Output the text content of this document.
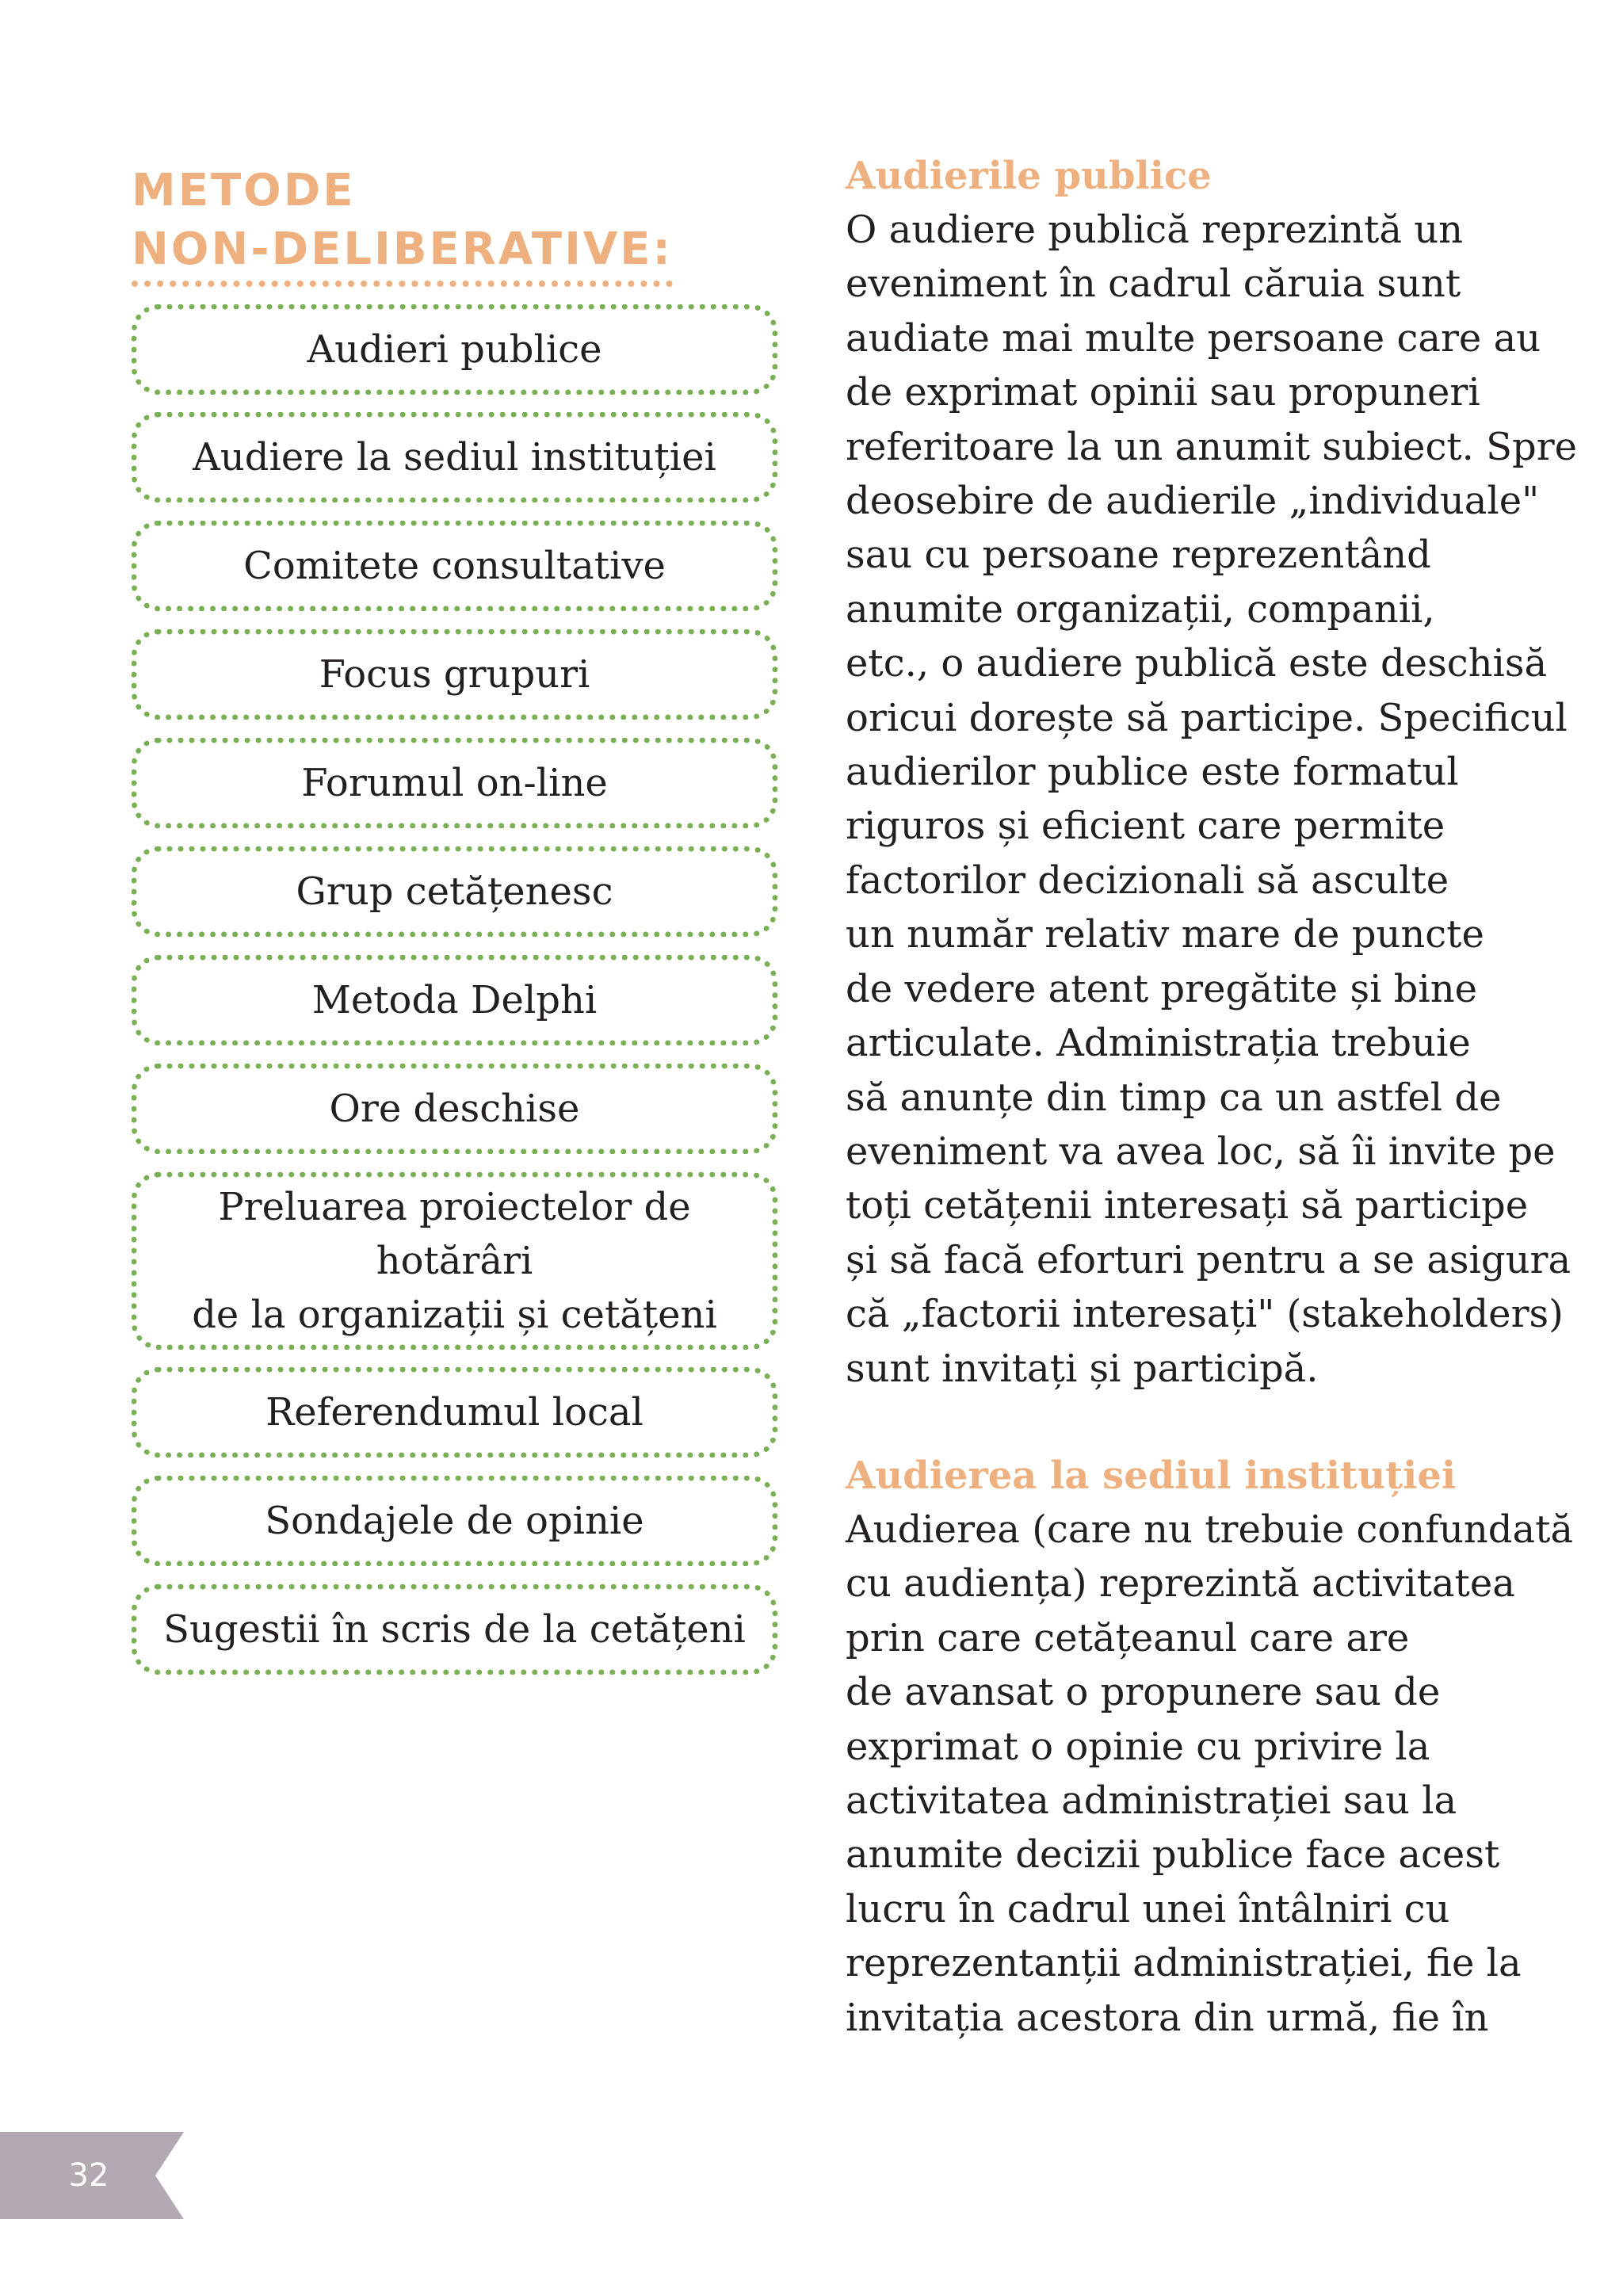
METODE
NON-DELIBERATIVE:
Audieri publice
Audiere la sediul instituției
Comitete consultative
Focus grupuri
Forumul on-line
Grup cetățenesc
Metoda Delphi
Ore deschise
Preluarea proiectelor de hotărâri
de la organizații și cetățeni
Referendumul local
Sondajele de opinie
Sugestii în scris de la cetățeni
Audierile publice
O audiere publică reprezintă un
eveniment în cadrul căruia sunt
audiate mai multe persoane care au
de exprimat opinii sau propuneri
referitoare la un anumit subiect. Spre
deosebire de audierile „individuale"
sau cu persoane reprezentând
anumite organizații, companii,
etc., o audiere publică este deschisă
oricui dorește să participe. Specificul
audierilor publice este formatul
riguros și eficient care permite
factorilor decizionali să asculte
un număr relativ mare de puncte
de vedere atent pregătite și bine
articulate. Administrația trebuie
să anunțe din timp ca un astfel de
eveniment va avea loc, să îi invite pe
toți cetățenii interesați să participe
și să facă eforturi pentru a se asigura
că „factorii interesați" (stakeholders)
sunt invitați și participă.
Audierea la sediul instituției
Audierea (care nu trebuie confundată
cu audiența) reprezintă activitatea
prin care cetățeanul care are
de avansat o propunere sau de
exprimat o opinie cu privire la
activitatea administrației sau la
anumite decizii publice face acest
lucru în cadrul unei întâlniri cu
reprezentanții administrației, fie la
invitația acestora din urmă, fie în
32
